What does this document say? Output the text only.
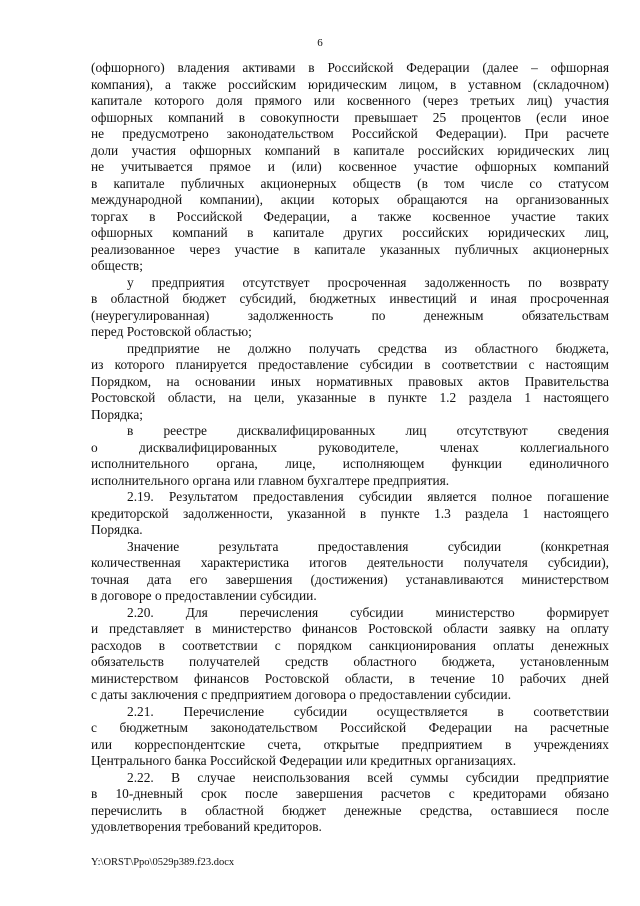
6
(офшорного) владения активами в Российской Федерации (далее – офшорная
компания), а также российским юридическим лицом, в уставном (складочном)
капитале которого доля прямого или косвенного (через третьих лиц) участия
офшорных компаний в совокупности превышает 25 процентов (если иное
не предусмотрено законодательством Российской Федерации). При расчете
доли участия офшорных компаний в капитале российских юридических лиц
не учитывается прямое и (или) косвенное участие офшорных компаний
в капитале публичных акционерных обществ (в том числе со статусом
международной компании), акции которых обращаются на организованных
торгах в Российской Федерации, а также косвенное участие таких
офшорных компаний в капитале других российских юридических лиц,
реализованное через участие в капитале указанных публичных акционерных
обществ;
у предприятия отсутствует просроченная задолженность по возврату
в областной бюджет субсидий, бюджетных инвестиций и иная просроченная
(неурегулированная) задолженность по денежным обязательствам
перед Ростовской областью;
предприятие не должно получать средства из областного бюджета,
из которого планируется предоставление субсидии в соответствии с настоящим
Порядком, на основании иных нормативных правовых актов Правительства
Ростовской области, на цели, указанные в пункте 1.2 раздела 1 настоящего
Порядка;
в реестре дисквалифицированных лиц отсутствуют сведения
о дисквалифицированных руководителе, членах коллегиального
исполнительного органа, лице, исполняющем функции единоличного
исполнительного органа или главном бухгалтере предприятия.
2.19. Результатом предоставления субсидии является полное погашение
кредиторской задолженности, указанной в пункте 1.3 раздела 1 настоящего
Порядка.
Значение результата предоставления субсидии (конкретная
количественная характеристика итогов деятельности получателя субсидии),
точная дата его завершения (достижения) устанавливаются министерством
в договоре о предоставлении субсидии.
2.20. Для перечисления субсидии министерство формирует
и представляет в министерство финансов Ростовской области заявку на оплату
расходов в соответствии с порядком санкционирования оплаты денежных
обязательств получателей средств областного бюджета, установленным
министерством финансов Ростовской области, в течение 10 рабочих дней
с даты заключения с предприятием договора о предоставлении субсидии.
2.21. Перечисление субсидии осуществляется в соответствии
с бюджетным законодательством Российской Федерации на расчетные
или корреспондентские счета, открытые предприятием в учреждениях
Центрального банка Российской Федерации или кредитных организациях.
2.22. В случае неиспользования всей суммы субсидии предприятие
в 10-дневный срок после завершения расчетов с кредиторами обязано
перечислить в областной бюджет денежные средства, оставшиеся после
удовлетворения требований кредиторов.
Y:\ORST\Ppo\0529p389.f23.docx
